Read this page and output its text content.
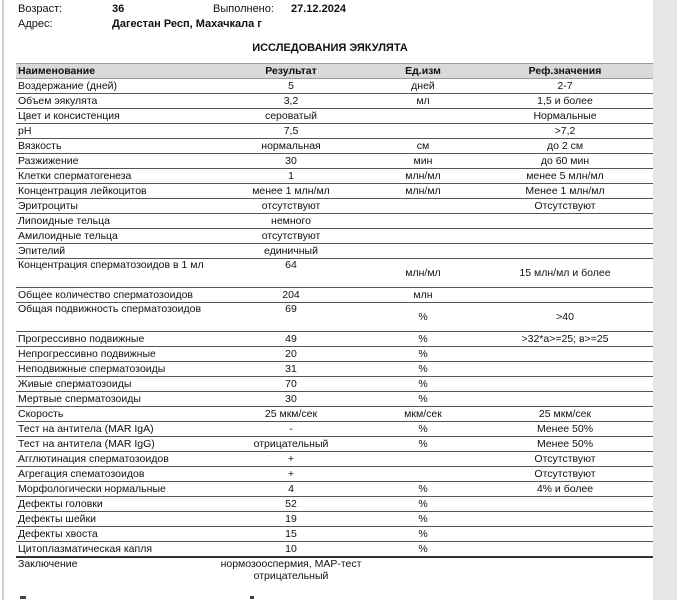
Возраст:	36	Выполнено: 27.12.2024
Адрес:	Дагестан Респ, Махачкала г
ИССЛЕДОВАНИЯ ЭЯКУЛЯТА
Наименование	Результат	Ед.изм	Реф.значения
Воздержание (дней)	5	дней	2-7
Объем эякулята	3,2	мл	1,5 и более
Цвет и консистенция	сероватый		Нормальные
pH	7,5		>7,2
Вязкость	нормальная	см	до 2 см
Разжижение	30	мин	до 60 мин
Клетки сперматогенеза	1	млн/мл	менее 5 млн/мл
Концентрация лейкоцитов	менее 1 млн/мл	млн/мл	Менее 1 млн/мл
Эритроциты	отсутствуют		Отсутствуют
Липоидные тельца	немного		
Амилоидные тельца	отсутствуют		
Эпителий	единичный		
Концентрация сперматозоидов в 1 мл	64	млн/мл	15 млн/мл и более
Общее количество сперматозоидов	204	млн	
Общая подвижность сперматозоидов	69	%	>40
Прогрессивно подвижные	49	%	>32*а>=25; в>=25
Непрогрессивно подвижные	20	%	
Неподвижные сперматозоиды	31	%	
Живые сперматозоиды	70	%	
Мертвые сперматозоиды	30	%	
Скорость	25 мкм/сек	мкм/сек	25 мкм/сек
Тест на антитела (MAR IgA)	-	%	Менее 50%
Тест на антитела (MAR IgG)	отрицательный	%	Менее 50%
Агглютинация сперматозоидов	+		Отсутствуют
Агрегация спематозоидов	+		Отсутствуют
Морфологически нормальные	4	%	4% и более
Дефекты головки	52	%	
Дефекты шейки	19	%	
Дефекты хвоста	15	%	
Цитоплазматическая капля	10	%	
Заключение	нормозооспермия, МАР-тест отрицательный		
